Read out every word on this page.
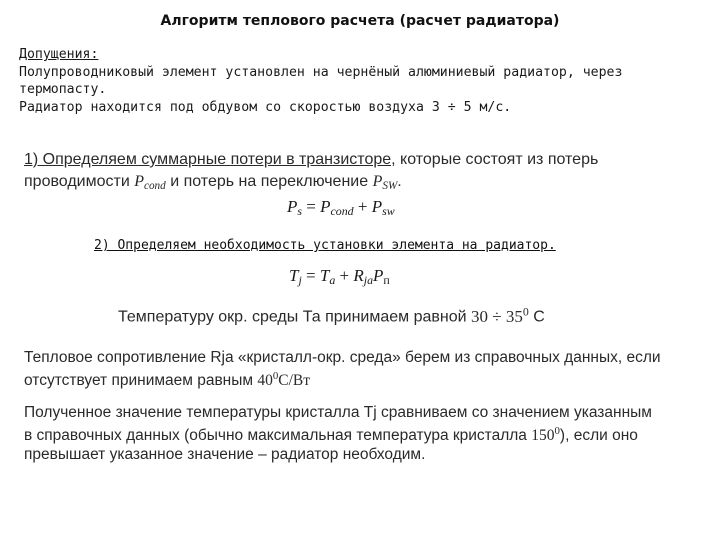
Алгоритм теплового расчета (расчет радиатора)
Допущения:
Полупроводниковый элемент установлен на чернёный алюминиевый радиатор, через
термопасту.
Радиатор находится под обдувом со скоростью воздуха 3 ÷ 5 м/с.
1) Определяем суммарные потери в транзисторе, которые состоят из потерь
проводимости $P_{cond}$ и потерь на переключение $P_{SW}$.
$P_s = P_{cond} + P_{sw}$
2) Определяем необходимость установки элемента на радиатор.
$T_j = T_a + R_{ja}P_п$
Температуру окр. среды Та принимаем равной $30 \div 35^0$ С
Тепловое сопротивление Rja «кристалл-окр. среда» берем из справочных данных, если
отсутствует принимаем равным $40^0С/Вт$
Полученное значение температуры кристалла Tj сравниваем со значением указанным
в справочных данных (обычно максимальная температура кристалла $150^0$), если оно
превышает указанное значение – радиатор необходим.
